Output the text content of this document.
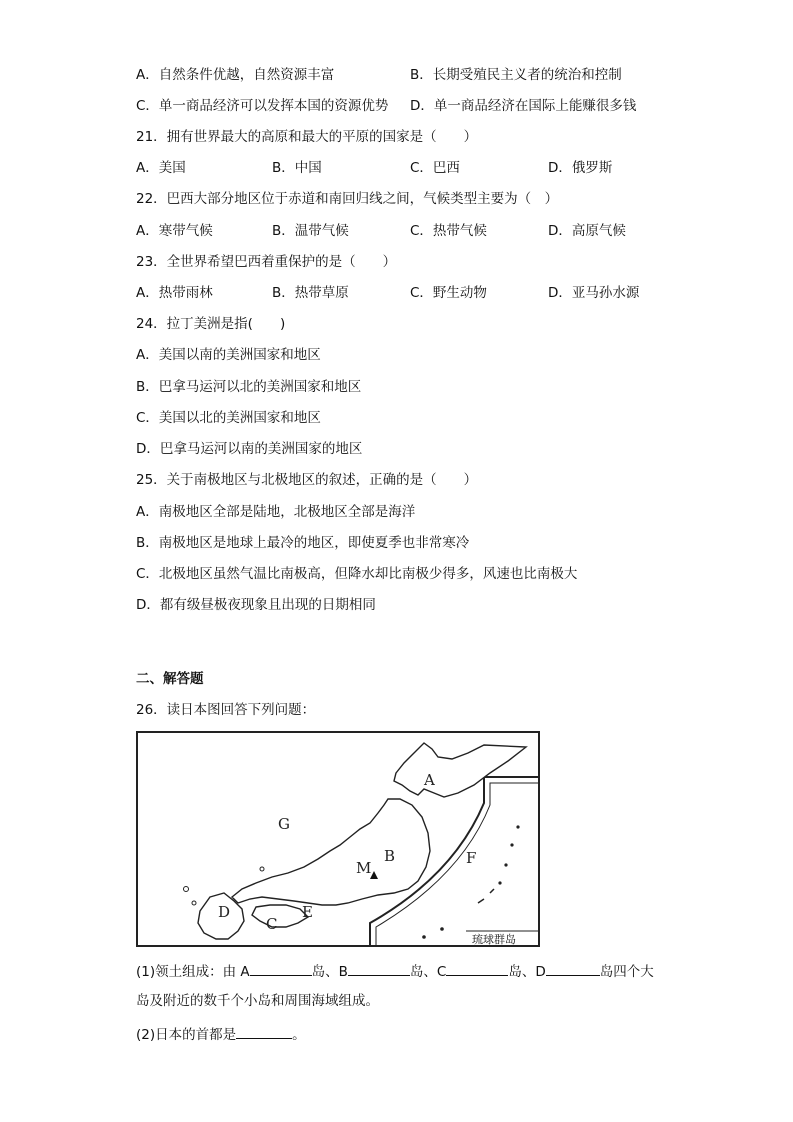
A．自然条件优越，自然资源丰富	B．长期受殖民主义者的统治和控制
C．单一商品经济可以发挥本国的资源优势 D．单一商品经济在国际上能赚很多钱
21．拥有世界最大的高原和最大的平原的国家是（　　）
A．美国	B．中国	C．巴西	D．俄罗斯
22．巴西大部分地区位于赤道和南回归线之间，气候类型主要为（　）
A．寒带气候	B．温带气候	C．热带气候	D．高原气候
23．全世界希望巴西着重保护的是（　　）
A．热带雨林	B．热带草原	C．野生动物	D．亚马孙水源
24．拉丁美洲是指(　　)
A．美国以南的美洲国家和地区
B．巴拿马运河以北的美洲国家和地区
C．美国以北的美洲国家和地区
D．巴拿马运河以南的美洲国家的地区
25．关于南极地区与北极地区的叙述，正确的是（　　）
A．南极地区全部是陆地，北极地区全部是海洋
B．南极地区是地球上最冷的地区，即使夏季也非常寒冷
C．北极地区虽然气温比南极高，但降水却比南极少得多，风速也比南极大
D．都有级昼极夜现象且出现的日期相同
二、解答题
26．读日本图回答下列问题：
A
B
C
D	E
F
G
M
琉球群岛
(1)领土组成：由 A	岛、B	岛、C	岛、D	岛四个大
岛及附近的数千个小岛和周围海域组成。
(2)日本的首都是	。
